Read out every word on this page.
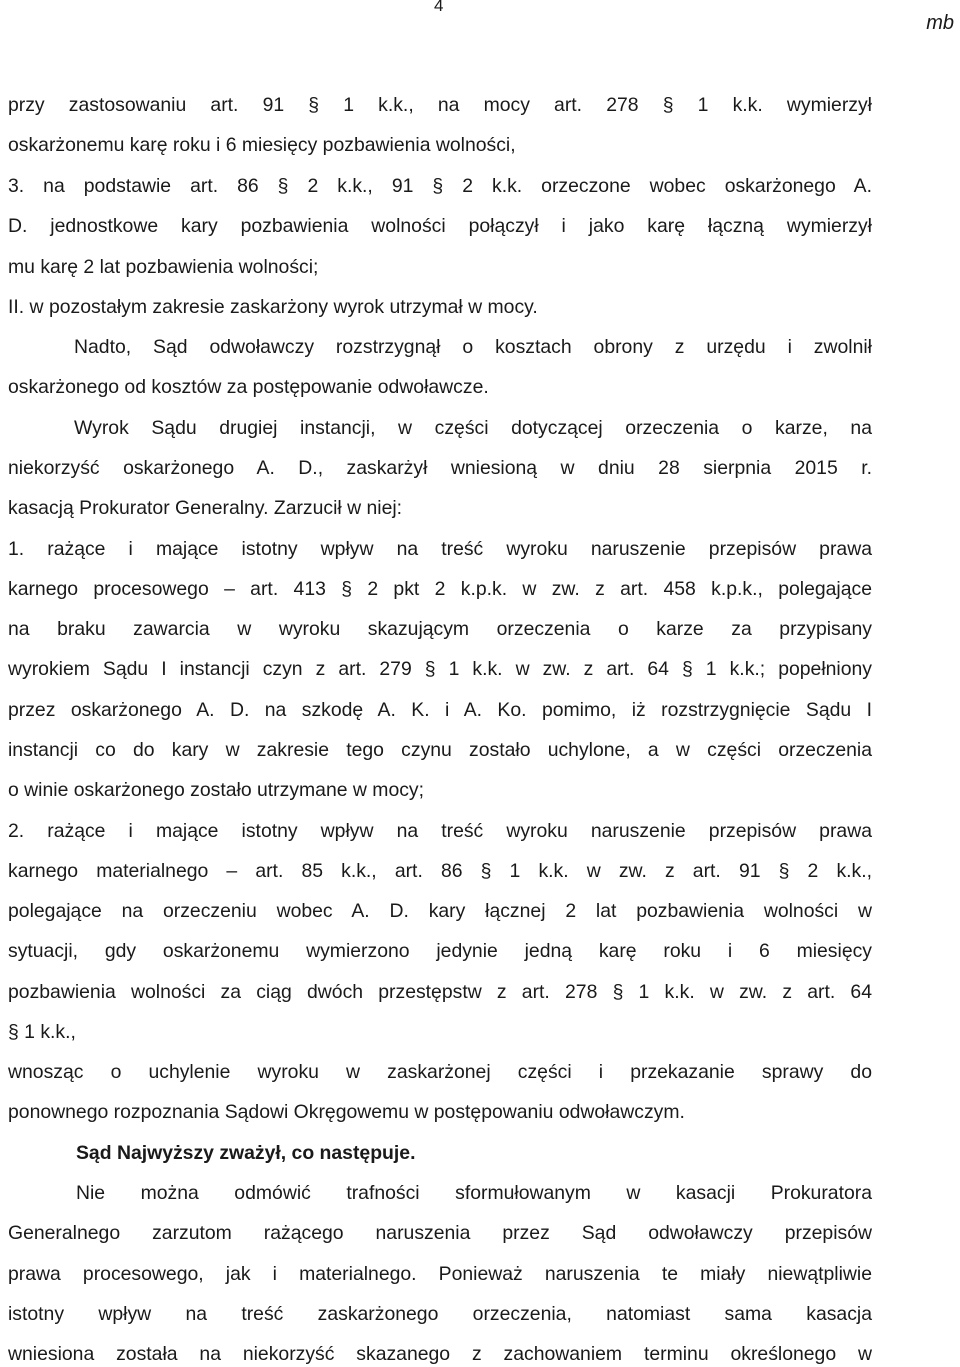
4
mb
przy zastosowaniu art. 91 § 1 k.k., na mocy art. 278 § 1 k.k. wymierzył
oskarżonemu karę roku i 6 miesięcy pozbawienia wolności,
3. na podstawie art. 86 § 2 k.k., 91 § 2 k.k. orzeczone wobec oskarżonego A.
D. jednostkowe kary pozbawienia wolności połączył i jako karę łączną wymierzył
mu karę 2 lat pozbawienia wolności;
II. w pozostałym zakresie zaskarżony wyrok utrzymał w mocy.
Nadto, Sąd odwoławczy rozstrzygnął o kosztach obrony z urzędu i zwolnił
oskarżonego od kosztów za postępowanie odwoławcze.
Wyrok Sądu drugiej instancji, w części dotyczącej orzeczenia o karze, na
niekorzyść oskarżonego A. D., zaskarżył wniesioną w dniu 28 sierpnia 2015 r.
kasacją Prokurator Generalny. Zarzucił w niej:
1. rażące i mające istotny wpływ na treść wyroku naruszenie przepisów prawa
karnego procesowego – art. 413 § 2 pkt 2 k.p.k. w zw. z art. 458 k.p.k., polegające
na braku zawarcia w wyroku skazującym orzeczenia o karze za przypisany
wyrokiem Sądu I instancji czyn z art. 279 § 1 k.k. w zw. z art. 64 § 1 k.k.; popełniony
przez oskarżonego A. D. na szkodę A. K. i A. Ko. pomimo, iż rozstrzygnięcie Sądu I
instancji co do kary w zakresie tego czynu zostało uchylone, a w części orzeczenia
o winie oskarżonego zostało utrzymane w mocy;
2. rażące i mające istotny wpływ na treść wyroku naruszenie przepisów prawa
karnego materialnego – art. 85 k.k., art. 86 § 1 k.k. w zw. z art. 91 § 2 k.k.,
polegające na orzeczeniu wobec A. D. kary łącznej 2 lat pozbawienia wolności w
sytuacji, gdy oskarżonemu wymierzono jedynie jedną karę roku i 6 miesięcy
pozbawienia wolności za ciąg dwóch przestępstw z art. 278 § 1 k.k. w zw. z art. 64
§ 1 k.k.,
wnosząc o uchylenie wyroku w zaskarżonej części i przekazanie sprawy do
ponownego rozpoznania Sądowi Okręgowemu w postępowaniu odwoławczym.
Sąd Najwyższy zważył, co następuje.
Nie można odmówić trafności sformułowanym w kasacji Prokuratora
Generalnego zarzutom rażącego naruszenia przez Sąd odwoławczy przepisów
prawa procesowego, jak i materialnego. Ponieważ naruszenia te miały niewątpliwie
istotny wpływ na treść zaskarżonego orzeczenia, natomiast sama kasacja
wniesiona została na niekorzyść skazanego z zachowaniem terminu określonego w
